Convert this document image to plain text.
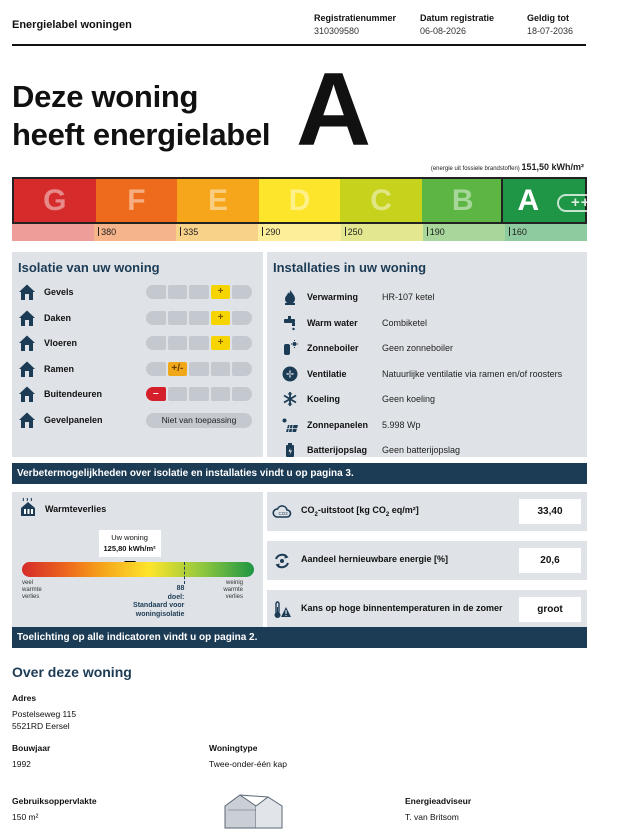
Energielabel woningen
Registratienummer
310309580
Datum registratie
06-08-2026
Geldig tot
18-07-2036
Deze woning
heeft energielabel A
(energie uit fossiele brandstoffen) 151,50 kWh/m²
G	F	E	D	C	B	A	++++
380	335	290	250	190	160
Isolatie van uw woning
Gevels	+
Daken	+
Vloeren	+
Ramen	+/-
Buitendeuren	–
Gevelpanelen	Niet van toepassing
Installaties in uw woning
Verwarming	HR-107 ketel
Warm water	Combiketel
Zonneboiler	Geen zonneboiler
Ventilatie	Natuurlijke ventilatie via ramen en/of roosters
Koeling	Geen koeling
Zonnepanelen	5.998 Wp
Batterijopslag	Geen batterijopslag
Verbetermogelijkheden over isolatie en installaties vindt u op pagina 3.
Warmteverlies
Uw woning
125,80 kWh/m²
veel
warmte
verlies
weinig
warmte
verlies
88
doel:
Standaard voor
woningisolatie
CO2 $CO_2$-uitstoot [kg $CO_2$ eq/m²]	33,40
Aandeel hernieuwbare energie [%]	20,6
Kans op hoge binnentemperaturen in de zomer	groot
Toelichting op alle indicatoren vindt u op pagina 2.
Over deze woning
Adres
Postelseweg 115
5521RD Eersel
Bouwjaar
1992
Woningtype
Twee-onder-één kap
Gebruiksoppervlakte
150 m²
Energieadviseur
T. van Britsom
